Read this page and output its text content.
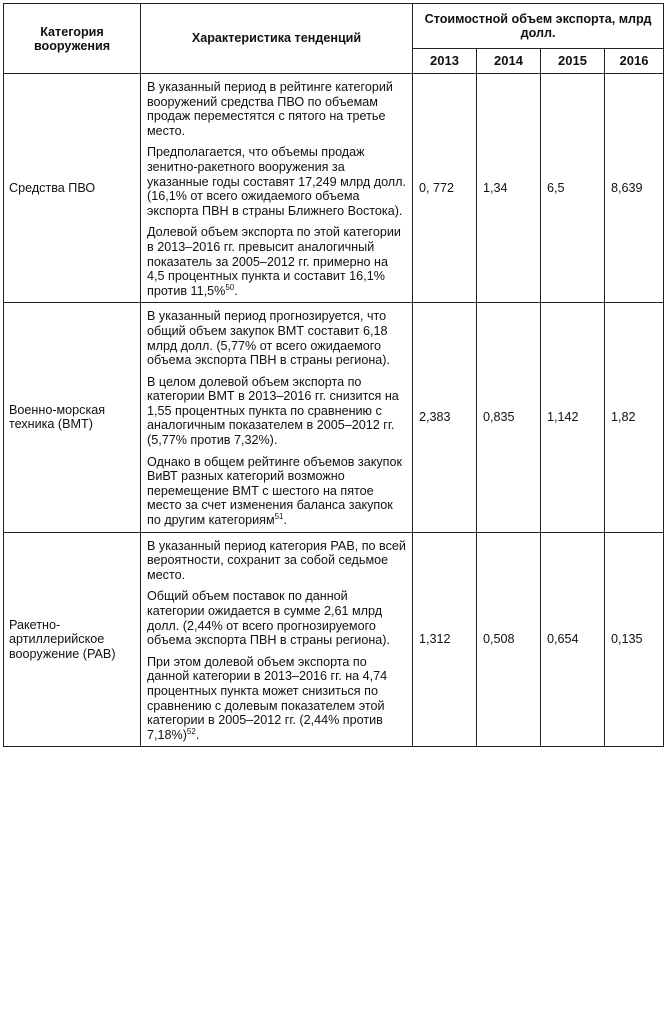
Категория вооружения	Характеристика тенденций	Стоимостной объем экспорта, млрд долл.			
		2013	2014	2015	2016
Средства ПВО	В указанный период в рейтинге категорий вооружений средства ПВО по объемам продаж переместятся с пятого на третье место.
Предполагается, что объемы продаж зенитно-ракетного вооружения за указанные годы составят 17,249 млрд долл. (16,1% от всего ожидаемого объема экспорта ПВН в страны Ближнего Востока).
Долевой объем экспорта по этой категории в 2013–2016 гг. превысит аналогичный показатель за 2005–2012 гг. примерно на 4,5 процентных пункта и составит 16,1% против 11,5%$^{50}$.	0, 772	1,34	6,5	8,639
Военно-морская техника (ВМТ)	В указанный период прогнозируется, что общий объем закупок ВМТ составит 6,18 млрд долл. (5,77% от всего ожидаемого объема экспорта ПВН в страны региона).
В целом долевой объем экспорта по категории ВМТ в 2013–2016 гг. снизится на 1,55 процентных пункта по сравнению с аналогичным показателем в 2005–2012 гг. (5,77% против 7,32%).
Однако в общем рейтинге объемов закупок ВиВТ разных категорий возможно перемещение ВМТ с шестого на пятое место за счет изменения баланса закупок по другим категориям$^{51}$.	2,383	0,835	1,142	1,82
Ракетно-артиллерийское вооружение (РАВ)	В указанный период категория РАВ, по всей вероятности, сохранит за собой седьмое место.
Общий объем поставок по данной категории ожидается в сумме 2,61 млрд долл. (2,44% от всего прогнозируемого объема экспорта ПВН в страны региона).
При этом долевой объем экспорта по данной категории в 2013–2016 гг. на 4,74 процентных пункта может снизиться по сравнению с долевым показателем этой категории в 2005–2012 гг. (2,44% против 7,18%)$^{52}$.	1,312	0,508	0,654	0,135
